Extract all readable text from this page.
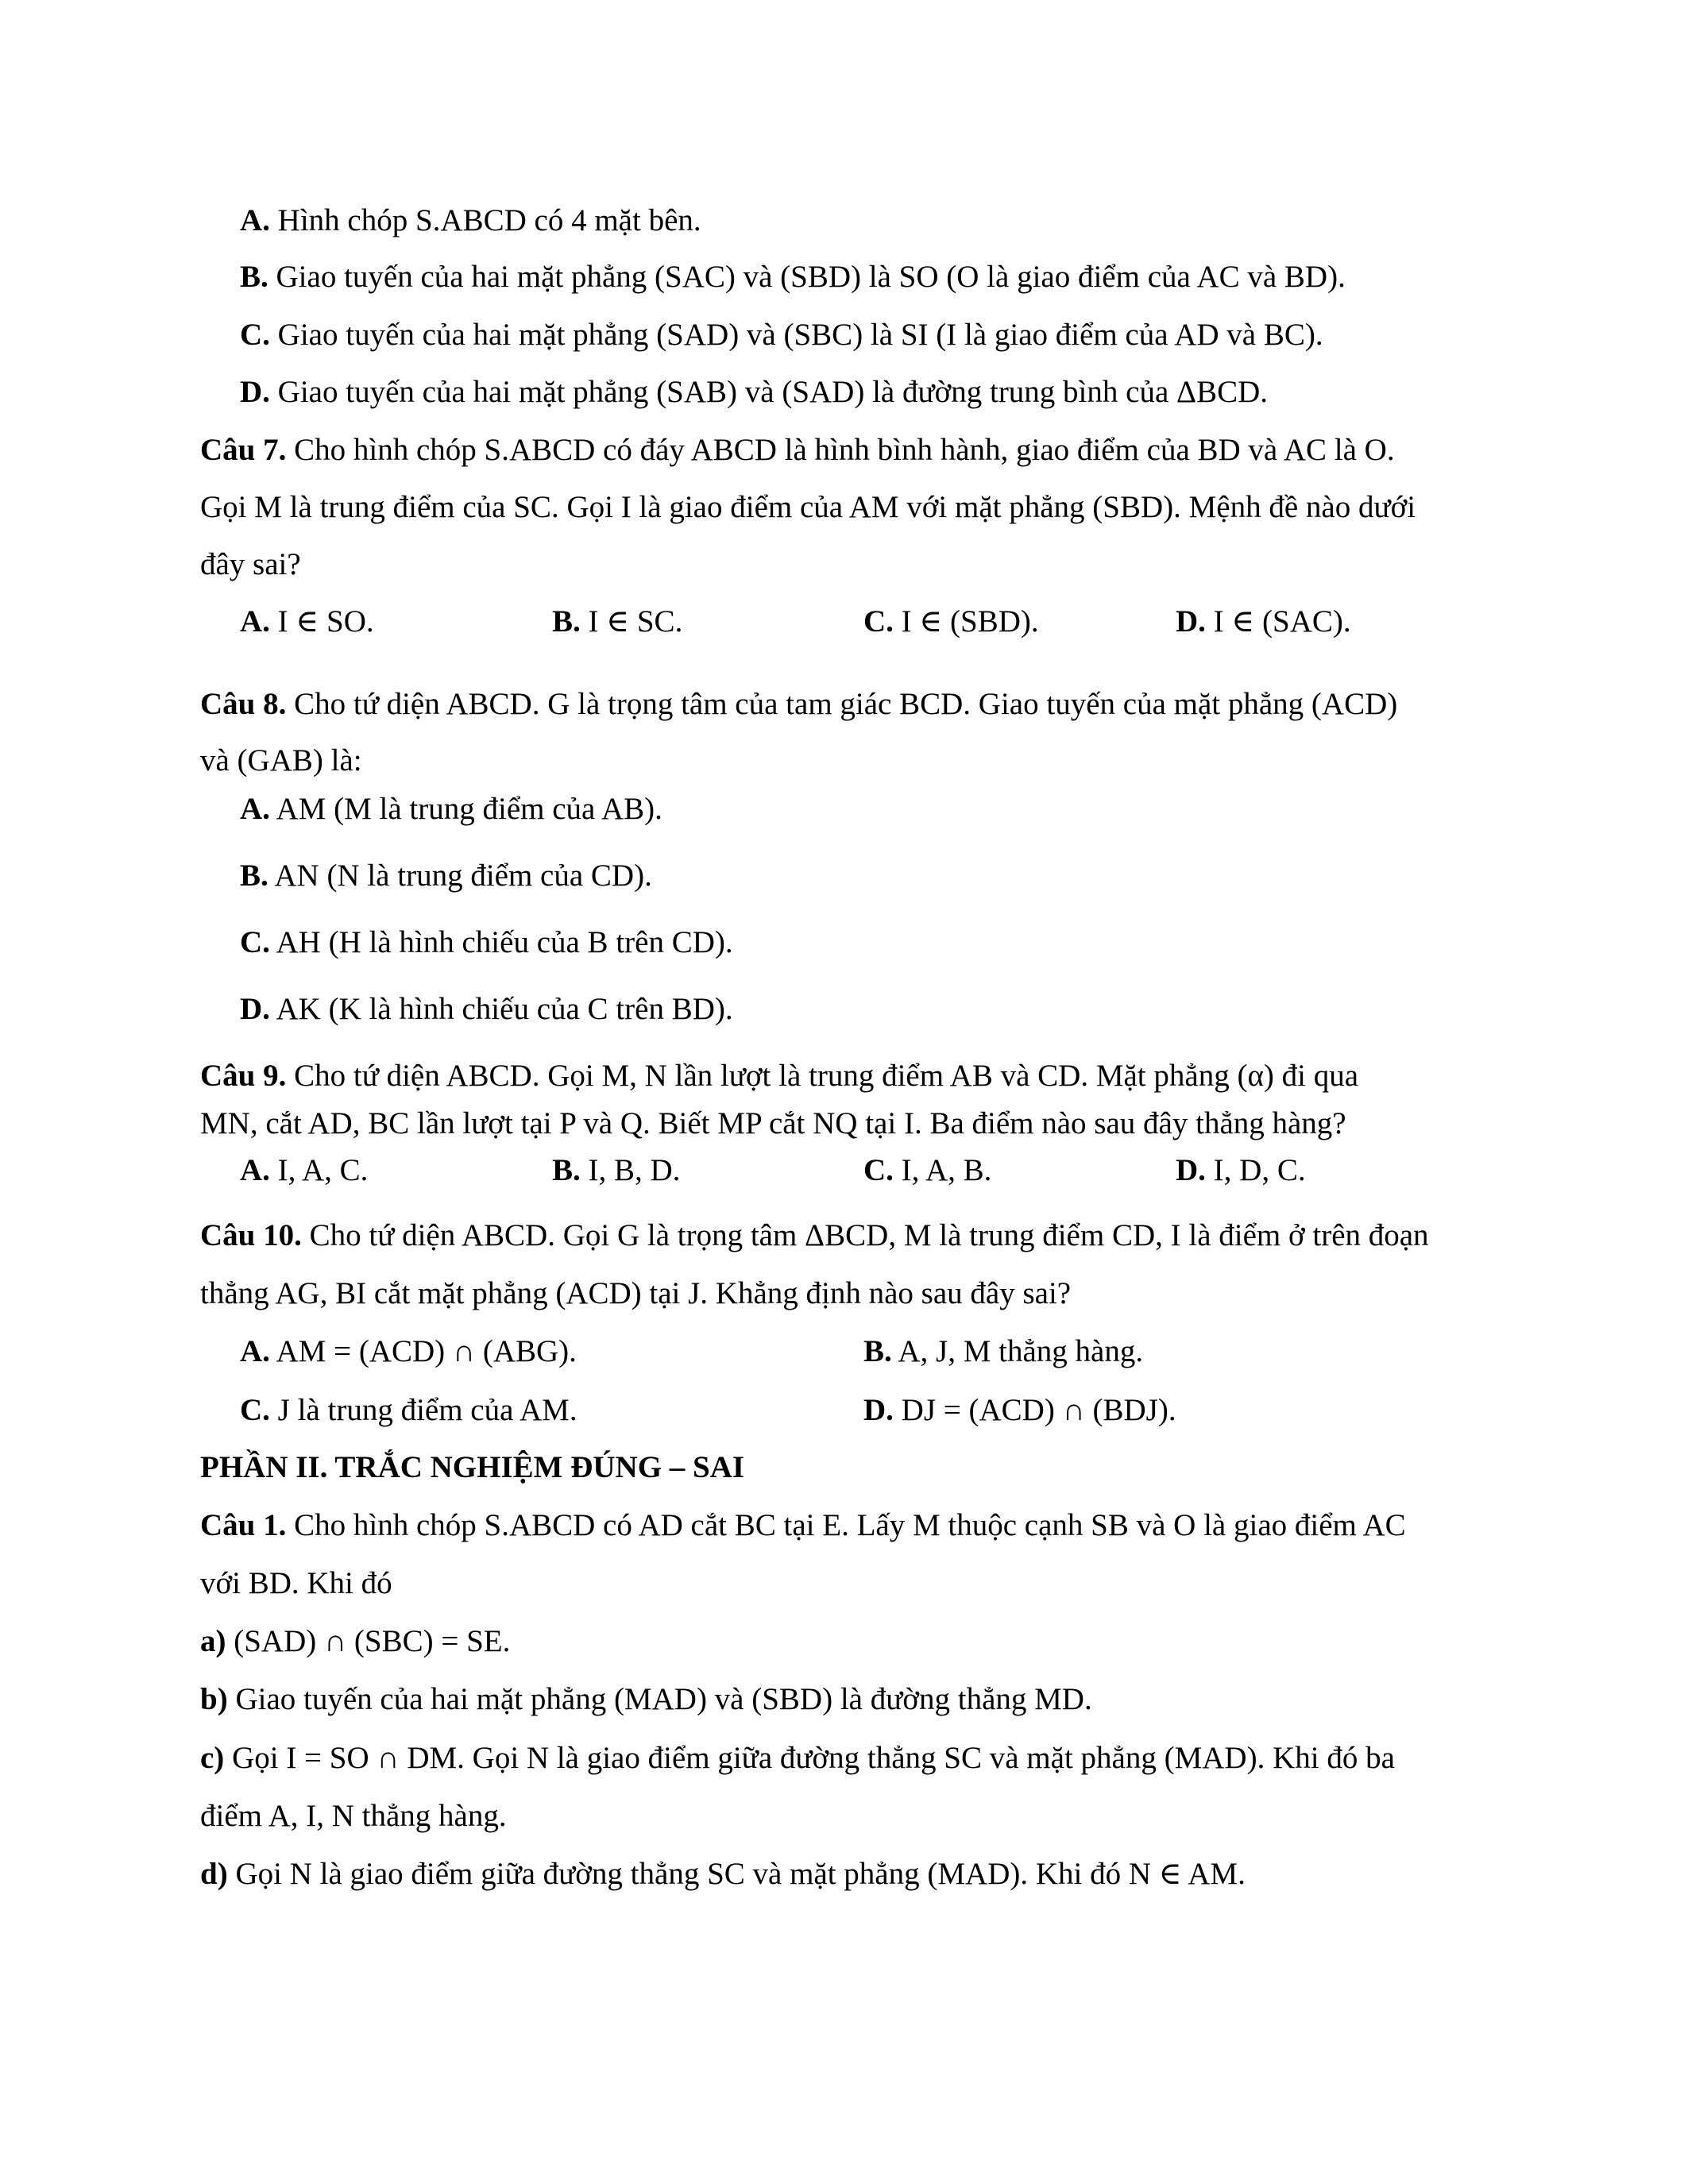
A. Hình chóp S.ABCD có 4 mặt bên.
B. Giao tuyến của hai mặt phẳng (SAC) và (SBD) là SO (O là giao điểm của AC và BD).
C. Giao tuyến của hai mặt phẳng (SAD) và (SBC) là SI (I là giao điểm của AD và BC).
D. Giao tuyến của hai mặt phẳng (SAB) và (SAD) là đường trung bình của ΔBCD.
Câu 7. Cho hình chóp S.ABCD có đáy ABCD là hình bình hành, giao điểm của BD và AC là O.
Gọi M là trung điểm của SC. Gọi I là giao điểm của AM với mặt phẳng (SBD). Mệnh đề nào dưới
đây sai?
A. I ∈ SO.	B. I ∈ SC.	C. I ∈ (SBD).	D. I ∈ (SAC).
Câu 8. Cho tứ diện ABCD. G là trọng tâm của tam giác BCD. Giao tuyến của mặt phẳng (ACD)
và (GAB) là:
A. AM (M là trung điểm của AB).
B. AN (N là trung điểm của CD).
C. AH (H là hình chiếu của B trên CD).
D. AK (K là hình chiếu của C trên BD).
Câu 9. Cho tứ diện ABCD. Gọi M, N lần lượt là trung điểm AB và CD. Mặt phẳng (α) đi qua
MN, cắt AD, BC lần lượt tại P và Q. Biết MP cắt NQ tại I. Ba điểm nào sau đây thẳng hàng?
A. I, A, C.	B. I, B, D.	C. I, A, B.	D. I, D, C.
Câu 10. Cho tứ diện ABCD. Gọi G là trọng tâm ΔBCD, M là trung điểm CD, I là điểm ở trên đoạn
thẳng AG, BI cắt mặt phẳng (ACD) tại J. Khẳng định nào sau đây sai?
A. AM = (ACD) ∩ (ABG).	B. A, J, M thẳng hàng.
C. J là trung điểm của AM.	D. DJ = (ACD) ∩ (BDJ).
PHẦN II. TRẮC NGHIỆM ĐÚNG – SAI
Câu 1. Cho hình chóp S.ABCD có AD cắt BC tại E. Lấy M thuộc cạnh SB và O là giao điểm AC
với BD. Khi đó
a) (SAD) ∩ (SBC) = SE.
b) Giao tuyến của hai mặt phẳng (MAD) và (SBD) là đường thẳng MD.
c) Gọi I = SO ∩ DM. Gọi N là giao điểm giữa đường thẳng SC và mặt phẳng (MAD). Khi đó ba
điểm A, I, N thẳng hàng.
d) Gọi N là giao điểm giữa đường thẳng SC và mặt phẳng (MAD). Khi đó N ∈ AM.
